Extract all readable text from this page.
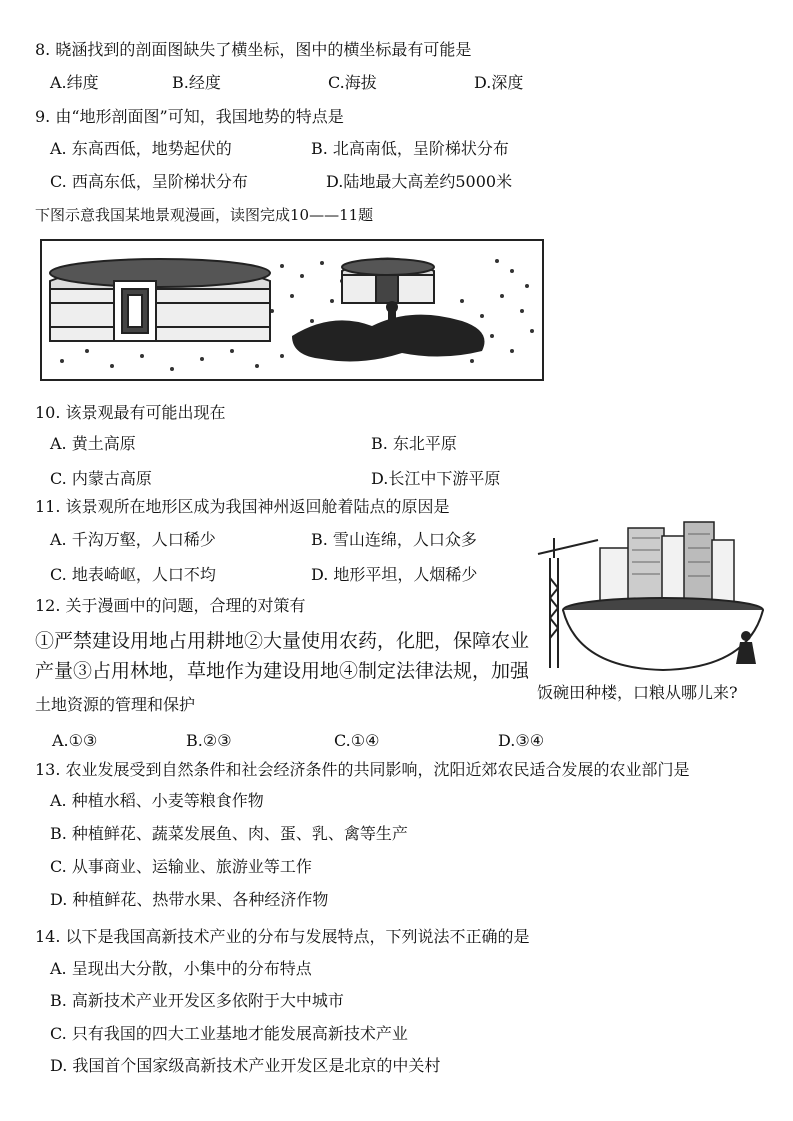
8. 晓涵找到的剖面图缺失了横坐标，图中的横坐标最有可能是
A.纬度	B.经度	C.海拔	D.深度
9. 由“地形剖面图”可知，我国地势的特点是
A. 东高西低，地势起伏的	B. 北高南低，呈阶梯状分布
C. 西高东低，呈阶梯状分布	D.陆地最大高差约5000米
下图示意我国某地景观漫画，读图完成10——11题
10. 该景观最有可能出现在
A. 黄土高原	B. 东北平原
C. 内蒙古高原	D.长江中下游平原
11. 该景观所在地形区成为我国神州返回舱着陆点的原因是
A. 千沟万壑，人口稀少	B. 雪山连绵，人口众多
C. 地表崎岖，人口不均	D. 地形平坦，人烟稀少
12. 关于漫画中的问题，合理的对策有
①严禁建设用地占用耕地②大量使用农药，化肥，保障农业
产量③占用林地，草地作为建设用地④制定法律法规，加强
土地资源的管理和保护
A.①③	B.②③	C.①④	D.③④
饭碗田种楼，口粮从哪儿来?
13. 农业发展受到自然条件和社会经济条件的共同影响，沈阳近郊农民适合发展的农业部门是
A. 种植水稻、小麦等粮食作物
B. 种植鲜花、蔬菜发展鱼、肉、蛋、乳、禽等生产
C. 从事商业、运输业、旅游业等工作
D. 种植鲜花、热带水果、各种经济作物
14. 以下是我国高新技术产业的分布与发展特点，下列说法不正确的是
A. 呈现出大分散，小集中的分布特点
B. 高新技术产业开发区多依附于大中城市
C. 只有我国的四大工业基地才能发展高新技术产业
D. 我国首个国家级高新技术产业开发区是北京的中关村
